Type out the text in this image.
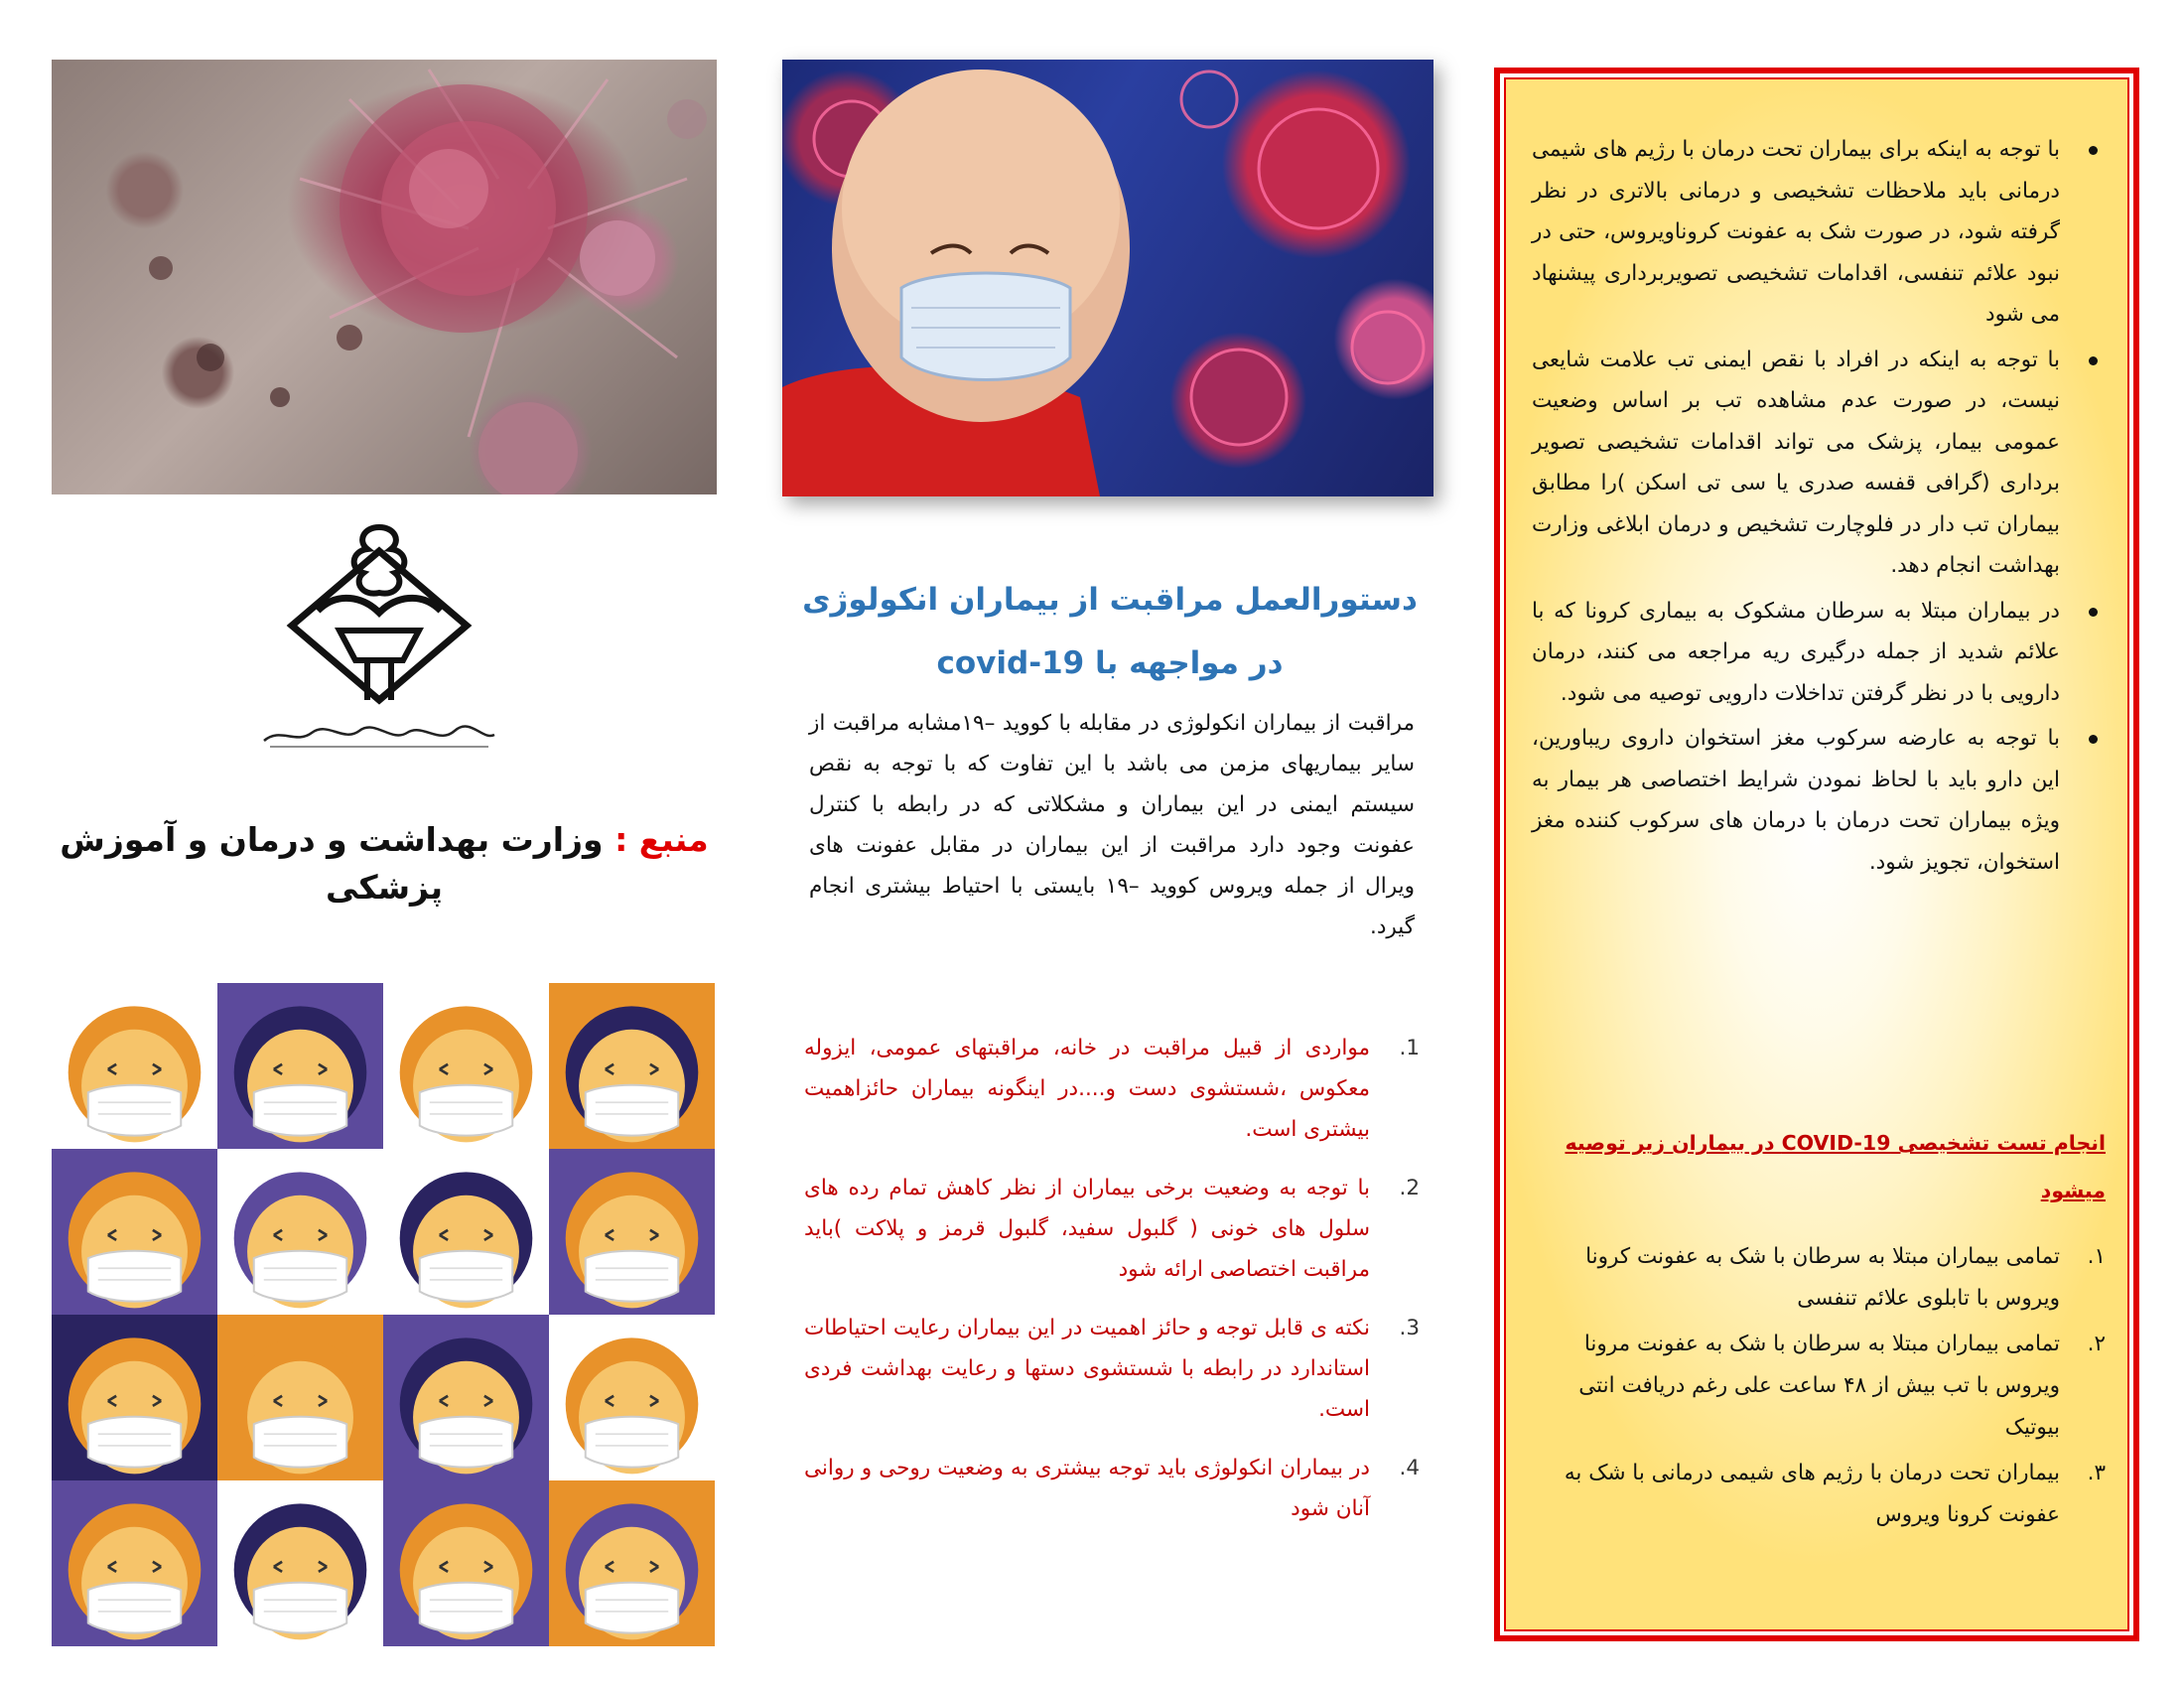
منبع : وزارت بهداشت و درمان و آموزش پزشکی
دستورالعمل مراقبت از بیماران انکولوژی
در مواجهه با covid-19

مراقبت از بیماران انکولوژی در مقابله با کووید –۱۹مشابه مراقبت از سایر بیماریهای مزمن می باشد با این تفاوت که با توجه به نقص سیستم ایمنی در این بیماران و مشکلاتی که در رابطه با کنترل عفونت وجود دارد مراقبت از این بیماران در مقابل عفونت های ویرال از جمله ویروس کووید –۱۹ بایستی با احتیاط بیشتری انجام گیرد.

1.
مواردی از قبیل مراقبت در خانه، مراقبتهای عمومی، ایزوله معکوس ،شستشوی دست و....در اینگونه بیماران حائزاهمیت بیشتری است.
2.
با توجه به وضعیت برخی بیماران از نظر کاهش تمام رده های سلول های خونی ( گلبول سفید، گلبول قرمز و پلاکت )باید مراقبت اختصاصی ارائه شود
3.
نکته ی قابل توجه و حائز اهمیت در این بیماران رعایت احتیاطات استاندارد در رابطه با شستشوی دستها و رعایت بهداشت فردی است.
4.
در بیماران انکولوژی باید توجه بیشتری به وضعیت روحی و روانی آنان شود
با توجه به اینکه برای بیماران تحت درمان با رژیم های شیمی درمانی باید ملاحظات تشخیصی و درمانی بالاتری در نظر گرفته شود، در صورت شک به عفونت کروناویروس، حتی در نبود علائم تنفسی، اقدامات تشخیصی تصویربرداری پیشنهاد می شود
با توجه به اینکه در افراد با نقص ایمنی تب علامت شایعی نیست، در صورت عدم مشاهده تب بر اساس وضعیت عمومی بیمار، پزشک می تواند اقدامات تشخیصی تصویر برداری (گرافی قفسه صدری یا سی تی اسکن )را مطابق بیماران تب دار در فلوچارت تشخیص و درمان ابلاغی وزارت بهداشت انجام دهد.
در بیماران مبتلا به سرطان مشکوک به بیماری کرونا که با علائم شدید از جمله درگیری ریه مراجعه می کنند، درمان دارویی با در نظر گرفتن تداخلات دارویی توصیه می شود.
با توجه به عارضه سرکوب مغز استخوان داروی ریباورین، این دارو باید با لحاظ نمودن شرایط اختصاصی هر بیمار به ویژه بیماران تحت درمان با درمان های سرکوب کننده مغز استخوان، تجویز شود.
انجام تست تشخیصی COVID-19 در بیماران زیر توصیه میشود
۱.
تمامی بیماران مبتلا به سرطان با شک به عفونت کرونا ویروس با تابلوی علائم تنفسی
۲.
تمامی بیماران مبتلا به سرطان با شک به عفونت مرونا ویروس با تب بیش از ۴۸ ساعت علی رغم دریافت انتی بیوتیک
۳.
بیماران تحت درمان با رژیم های شیمی درمانی با شک به عفونت کرونا ویروس
